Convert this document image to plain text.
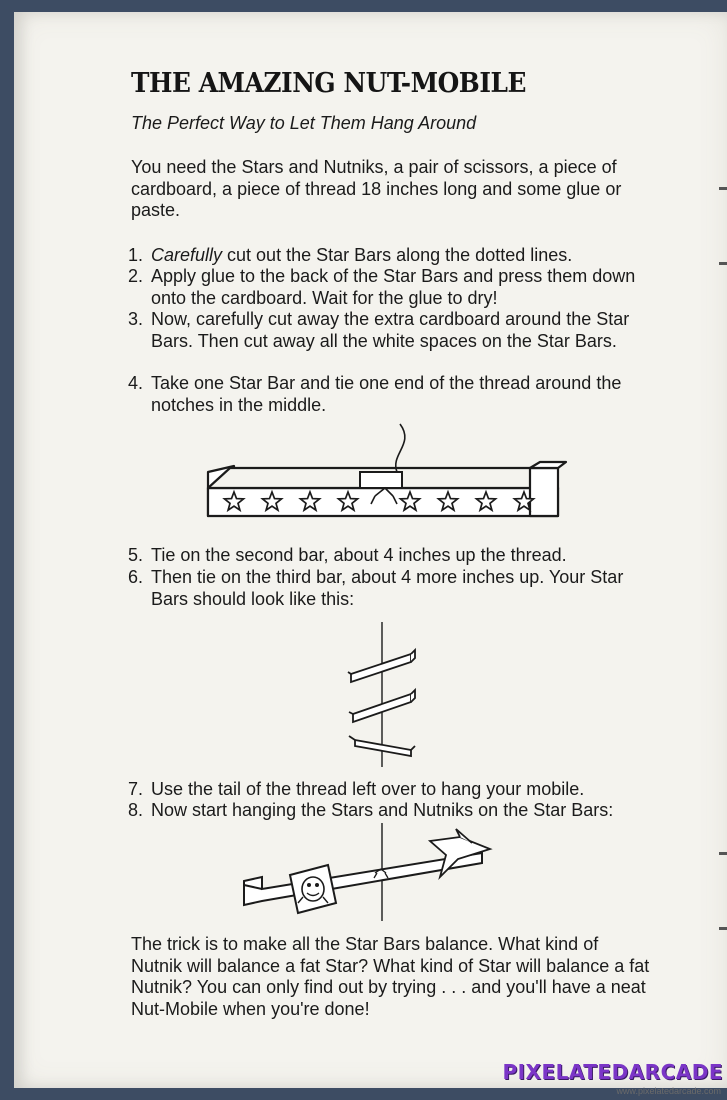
THE AMAZING NUT-MOBILE
The Perfect Way to Let Them Hang Around
You need the Stars and Nutniks, a pair of scissors, a piece of cardboard, a piece of thread 18 inches long and some glue or paste.
1. Carefully cut out the Star Bars along the dotted lines.
2. Apply glue to the back of the Star Bars and press them down onto the cardboard. Wait for the glue to dry!
3. Now, carefully cut away the extra cardboard around the Star Bars. Then cut away all the white spaces on the Star Bars.
4. Take one Star Bar and tie one end of the thread around the notches in the middle.
5. Tie on the second bar, about 4 inches up the thread.
6. Then tie on the third bar, about 4 more inches up. Your Star Bars should look like this:
7. Use the tail of the thread left over to hang your mobile.
8. Now start hanging the Stars and Nutniks on the Star Bars:
The trick is to make all the Star Bars balance. What kind of Nutnik will balance a fat Star? What kind of Star will balance a fat Nutnik? You can only find out by trying . . . and you'll have a neat Nut-Mobile when you're done!
PIXELATEDARCADE
www.pixelatedarcade.com
